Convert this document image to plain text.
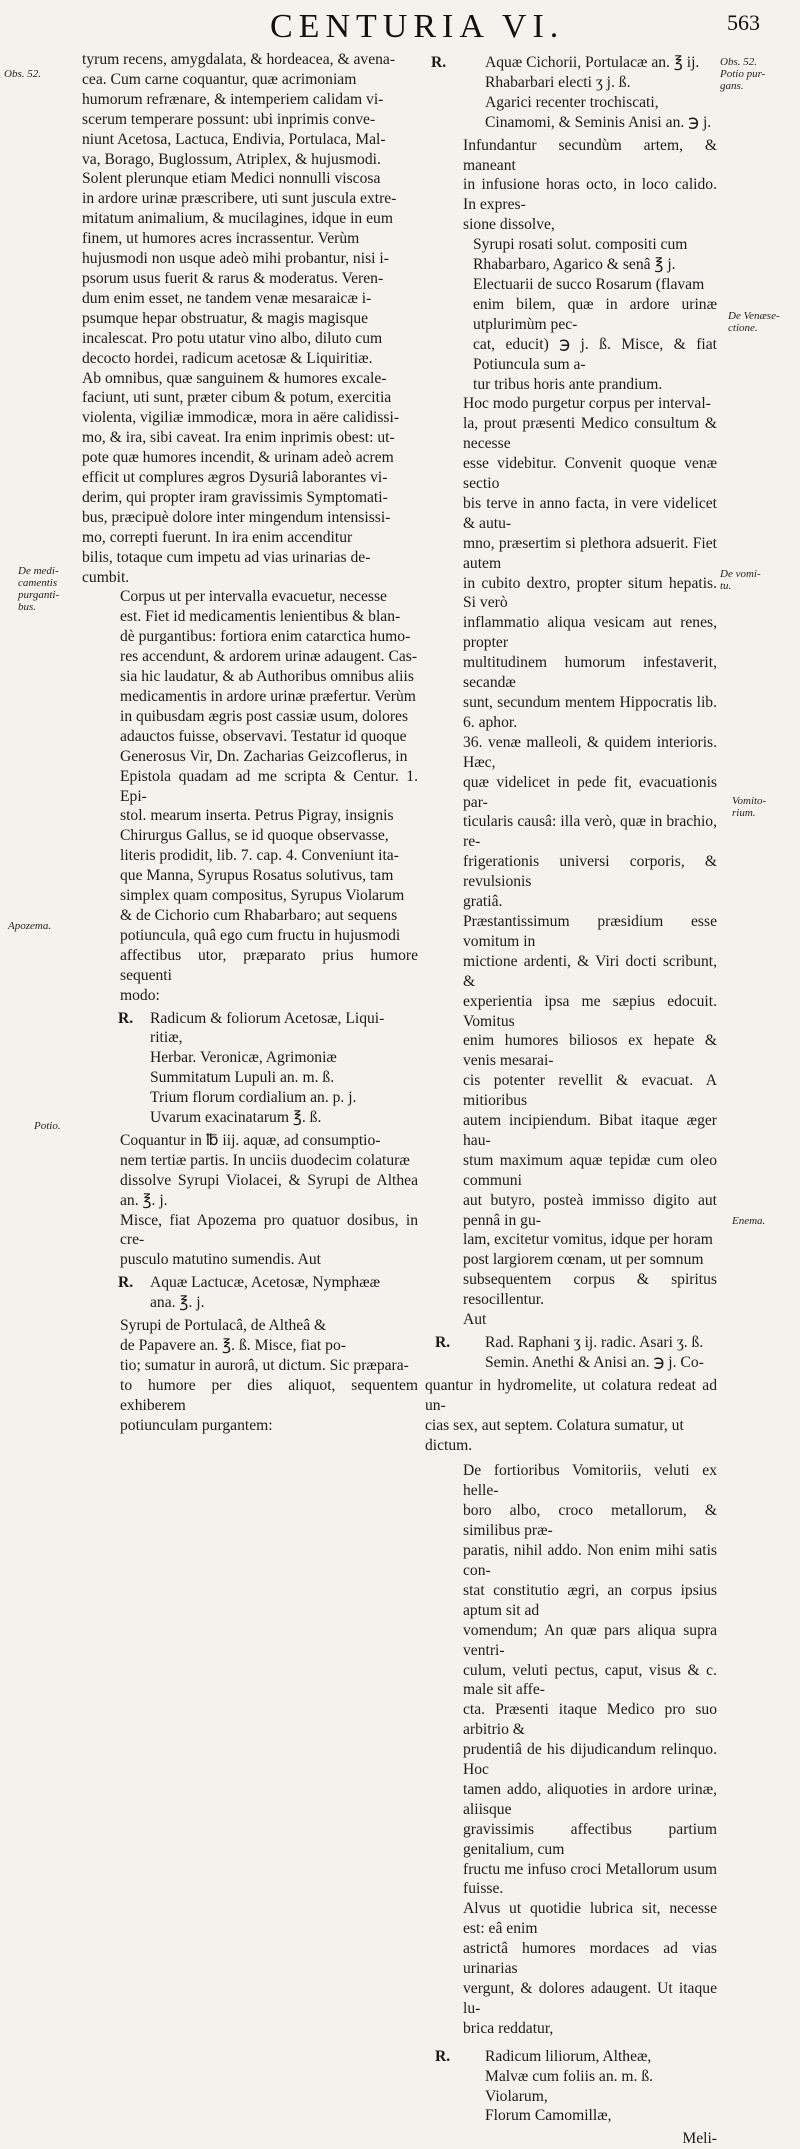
CENTURIA VI.	563
Obs. 52.
De medi-
camentis
purganti-
bus.
Apozema.
Potio.
Obs. 52.
Potio pur-
gans.
De Venæse-
ctione.
De vomi-
tu.
Vomito-
rium.
Enema.

tyrum recens, amygdalata, & hordeacea, & avena-
cea. Cum carne coquantur, quæ acrimoniam
humorum refrænare, & intemperiem calidam vi-
scerum temperare possunt: ubi inprimis conve-
niunt Acetosa, Lactuca, Endivia, Portulaca, Mal-
va, Borago, Buglossum, Atriplex, & hujusmodi.
Solent plerunque etiam Medici nonnulli viscosa
in ardore urinæ præscribere, uti sunt juscula extre-
mitatum animalium, & mucilagines, idque in eum
finem, ut humores acres incrassentur. Verùm
hujusmodi non usque adeò mihi probantur, nisi i-
psorum usus fuerit & rarus & moderatus. Veren-
dum enim esset, ne tandem venæ mesaraicæ i-
psumque hepar obstruatur, & magis magisque
incalescat. Pro potu utatur vino albo, diluto cum
decocto hordei, radicum acetosæ & Liquiritiæ.
Ab omnibus, quæ sanguinem & humores excale-
faciunt, uti sunt, præter cibum & potum, exercitia
violenta, vigiliæ immodicæ, mora in aëre calidissi-
mo, & ira, sibi caveat. Ira enim inprimis obest: ut-
pote quæ humores incendit, & urinam adeò acrem
efficit ut complures ægros Dysuriâ laborantes vi-
derim, qui propter iram gravissimis Symptomati-
bus, præcipuè dolore inter mingendum intensissi-
mo, correpti fuerunt. In ira enim accenditur
bilis, totaque cum impetu ad vias urinarias de-
cumbit.

Corpus ut per intervalla evacuetur, necesse
est. Fiet id medicamentis lenientibus & blan-
dè purgantibus: fortiora enim catarctica humo-
res accendunt, & ardorem urinæ adaugent. Cas-
sia hic laudatur, & ab Authoribus omnibus aliis
medicamentis in ardore urinæ præfertur. Verùm
in quibusdam ægris post cassiæ usum, dolores
adauctos fuisse, observavi. Testatur id quoque
Generosus Vir, Dn. Zacharias Geizcoflerus, in
Epistola quadam ad me scripta & Centur. 1. Epi-
stol. mearum inserta. Petrus Pigray, insignis
Chirurgus Gallus, se id quoque observasse,
literis prodidit, lib. 7. cap. 4. Conveniunt ita-
que Manna, Syrupus Rosatus solutivus, tam
simplex quam compositus, Syrupus Violarum
& de Cichorio cum Rhabarbaro; aut sequens
potiuncula, quâ ego cum fructu in hujusmodi
affectibus utor, præparato prius humore sequenti
modo:

R.	Radicum & foliorum Acetosæ, Liqui-
ritiæ,
Herbar. Veronicæ, Agrimoniæ
Summitatum Lupuli an. m. ß.
Trium florum cordialium an. p. j.
Uvarum exacinatarum ℥. ß.

Coquantur in ℔ iij. aquæ, ad consumptio-
nem tertiæ partis. In unciis duodecim colaturæ
dissolve Syrupi Violacei, & Syrupi de Althea an. ℥. j.
Misce, fiat Apozema pro quatuor dosibus, in cre-
pusculo matutino sumendis. Aut

R.	Aquæ Lactucæ, Acetosæ, Nymphææ
ana. ℥. j.

Syrupi de Portulacâ, de Altheâ &
de Papavere an. ℥. ß. Misce, fiat po-
tio; sumatur in aurorâ, ut dictum. Sic præpara-
to humore per dies aliquot, sequentem exhiberem
potiunculam purgantem:

R.	Aquæ Cichorii, Portulacæ an. ℥ ij.
Rhabarbari electi ʒ j. ß.
Agarici recenter trochiscati,
Cinamomi, & Seminis Anisi an. ℈ j.

Infundantur secundùm artem, & maneant
in infusione horas octo, in loco calido. In expres-
sione dissolve,

Syrupi rosati solut. compositi cum
Rhabarbaro, Agarico & senâ ℥ j.
Electuarii de succo Rosarum (flavam
enim bilem, quæ in ardore urinæ utplurimùm pec-
cat, educit) ℈ j. ß. Misce, & fiat Potiuncula sum a-
tur tribus horis ante prandium.

Hoc modo purgetur corpus per interval-
la, prout præsenti Medico consultum & necesse
esse videbitur. Convenit quoque venæ sectio
bis terve in anno facta, in vere videlicet & autu-
mno, præsertim si plethora adsuerit. Fiet autem
in cubito dextro, propter situm hepatis. Si verò
inflammatio aliqua vesicam aut renes, propter
multitudinem humorum infestaverit, secandæ
sunt, secundum mentem Hippocratis lib. 6. aphor.
36. venæ malleoli, & quidem interioris. Hæc,
quæ videlicet in pede fit, evacuationis par-
ticularis causâ: illa verò, quæ in brachio, re-
frigerationis universi corporis, & revulsionis
gratiâ.

Præstantissimum præsidium esse vomitum in
mictione ardenti, & Viri docti scribunt, &
experientia ipsa me sæpius edocuit. Vomitus
enim humores biliosos ex hepate & venis mesarai-
cis potenter revellit & evacuat. A mitioribus
autem incipiendum. Bibat itaque æger hau-
stum maximum aquæ tepidæ cum oleo communi
aut butyro, posteà immisso digito aut pennâ in gu-
lam, excitetur vomitus, idque per horam
post largiorem cœnam, ut per somnum
subsequentem corpus & spiritus resocillentur.
Aut

R.	Rad. Raphani ʒ ij. radic. Asari ʒ. ß.
Semin. Anethi & Anisi an. ℈ j. Co-

quantur in hydromelite, ut colatura redeat ad un-
cias sex, aut septem. Colatura sumatur, ut
dictum.

De fortioribus Vomitoriis, veluti ex helle-
boro albo, croco metallorum, & similibus præ-
paratis, nihil addo. Non enim mihi satis con-
stat constitutio ægri, an corpus ipsius aptum sit ad
vomendum; An quæ pars aliqua supra ventri-
culum, veluti pectus, caput, visus & c. male sit affe-
cta. Præsenti itaque Medico pro suo arbitrio &
prudentiâ de his dijudicandum relinquo. Hoc
tamen addo, aliquoties in ardore urinæ, aliisque
gravissimis affectibus partium genitalium, cum
fructu me infuso croci Metallorum usum fuisse.
Alvus ut quotidie lubrica sit, necesse est: eâ enim
astrictâ humores mordaces ad vias urinarias
vergunt, & dolores adaugent. Ut itaque lu-
brica reddatur,

R.	Radicum liliorum, Altheæ,
Malvæ cum foliis an. m. ß.
Violarum,
Florum Camomillæ,
Meli-
